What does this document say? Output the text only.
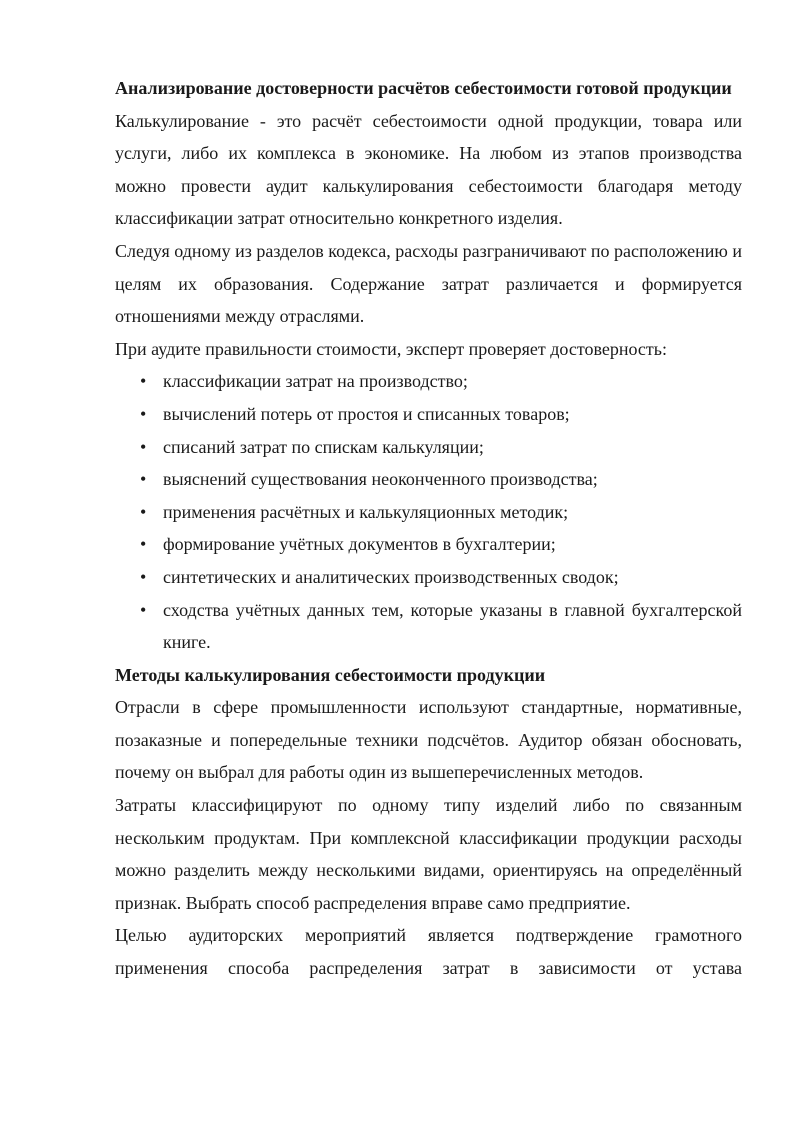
Анализирование достоверности расчётов себестоимости готовой продукции

Калькулирование - это расчёт себестоимости одной продукции, товара или услуги, либо их комплекса в экономике. На любом из этапов производства можно провести аудит калькулирования себестоимости благодаря методу классификации затрат относительно конкретного изделия.

Следуя одному из разделов кодекса, расходы разграничивают по расположению и целям их образования. Содержание затрат различается и формируется отношениями между отраслями.

При аудите правильности стоимости, эксперт проверяет достоверность:

• классификации затрат на производство;
• вычислений потерь от простоя и списанных товаров;
• списаний затрат по спискам калькуляции;
• выяснений существования неоконченного производства;
• применения расчётных и калькуляционных методик;
• формирование учётных документов в бухгалтерии;
• синтетических и аналитических производственных сводок;
• сходства учётных данных тем, которые указаны в главной бухгалтерской книге.

Методы калькулирования себестоимости продукции

Отрасли в сфере промышленности используют стандартные, нормативные, позаказные и попередельные техники подсчётов. Аудитор обязан обосновать, почему он выбрал для работы один из вышеперечисленных методов.

Затраты классифицируют по одному типу изделий либо по связанным нескольким продуктам. При комплексной классификации продукции расходы можно разделить между несколькими видами, ориентируясь на определённый признак. Выбрать способ распределения вправе само предприятие.

Целью аудиторских мероприятий является подтверждение грамотного применения способа распределения затрат в зависимости от устава
